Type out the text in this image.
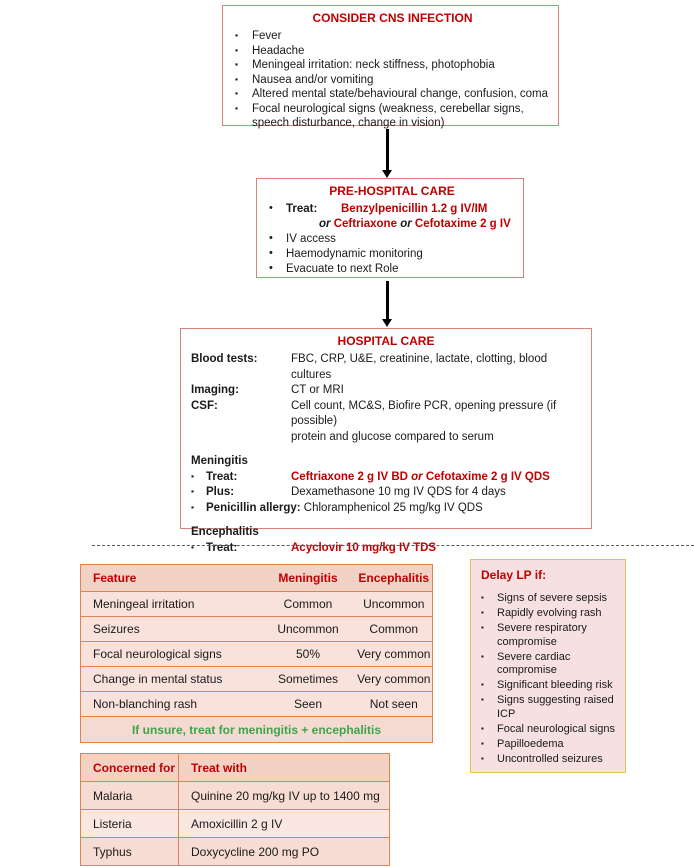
CONSIDER CNS INFECTION
▪
Fever
▪
Headache
▪
Meningeal irritation: neck stiffness, photophobia
▪
Nausea and/or vomiting
▪
Altered mental state/behavioural change, confusion, coma
▪
Focal neurological signs (weakness, cerebellar signs, speech disturbance, change in vision)
PRE-HOSPITAL CARE
•
Treat:	Benzylpenicillin 1.2 g IV/IM
or Ceftriaxone or Cefotaxime 2 g IV
•
IV access
•
Haemodynamic monitoring
•
Evacuate to next Role
HOSPITAL CARE
Blood tests:	FBC, CRP, U&E, creatinine, lactate, clotting, blood cultures
Imaging:	CT or MRI
CSF:	Cell count, MC&S, Biofire PCR, opening pressure (if possible)
protein and glucose compared to serum
Meningitis
▪
Treat:	Ceftriaxone 2 g IV BD or Cefotaxime 2 g IV QDS
▪
Plus:	Dexamethasone 10 mg IV QDS for 4 days
▪
Penicillin allergy: Chloramphenicol 25 mg/kg IV QDS
Encephalitis
▪
Treat:	Acyclovir 10 mg/kg IV TDS
Feature	Meningitis	Encephalitis
Meningeal irritation	Common	Uncommon
Seizures	Uncommon	Common
Focal neurological signs	50%	Very common
Change in mental status	Sometimes	Very common
Non-blanching rash	Seen	Not seen
If unsure, treat for meningitis + encephalitis		
Delay LP if:
▪
Signs of severe sepsis
▪
Rapidly evolving rash
▪
Severe respiratory compromise
▪
Severe cardiac compromise
▪
Significant bleeding risk
▪
Signs suggesting raised ICP
▪
Focal neurological signs
▪
Papilloedema
▪
Uncontrolled seizures
Concerned for	Treat with
Malaria	Quinine 20 mg/kg IV up to 1400 mg
Listeria	Amoxicillin 2 g IV
Typhus	Doxycycline 200 mg PO
